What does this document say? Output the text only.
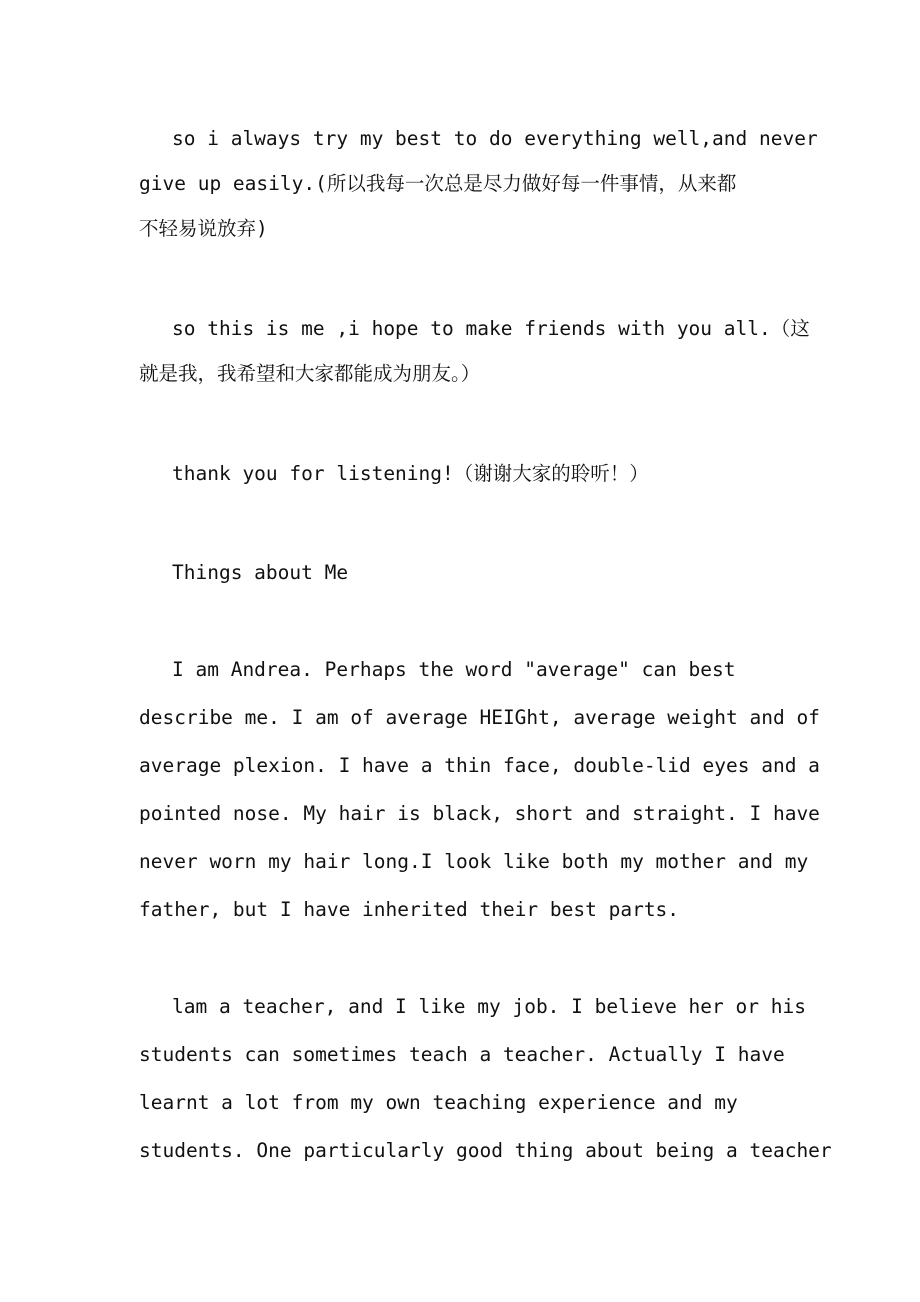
so i always try my best to do everything well,and never
give up easily.(所以我每一次总是尽力做好每一件事情，从来都
不轻易说放弃)

so this is me ,i hope to make friends with you all.（这
就是我，我希望和大家都能成为朋友。）

thank you for listening!（谢谢大家的聆听！）

Things about Me

I am Andrea. Perhaps the word "average" can best
describe me. I am of average HEIGht, average weight and of
average plexion. I have a thin face, double-lid eyes and a
pointed nose. My hair is black, short and straight. I have
never worn my hair long.I look like both my mother and my
father, but I have inherited their best parts.

lam a teacher, and I like my job. I believe her or his
students can sometimes teach a teacher. Actually I have
learnt a lot from my own teaching experience and my
students. One particularly good thing about being a teacher
